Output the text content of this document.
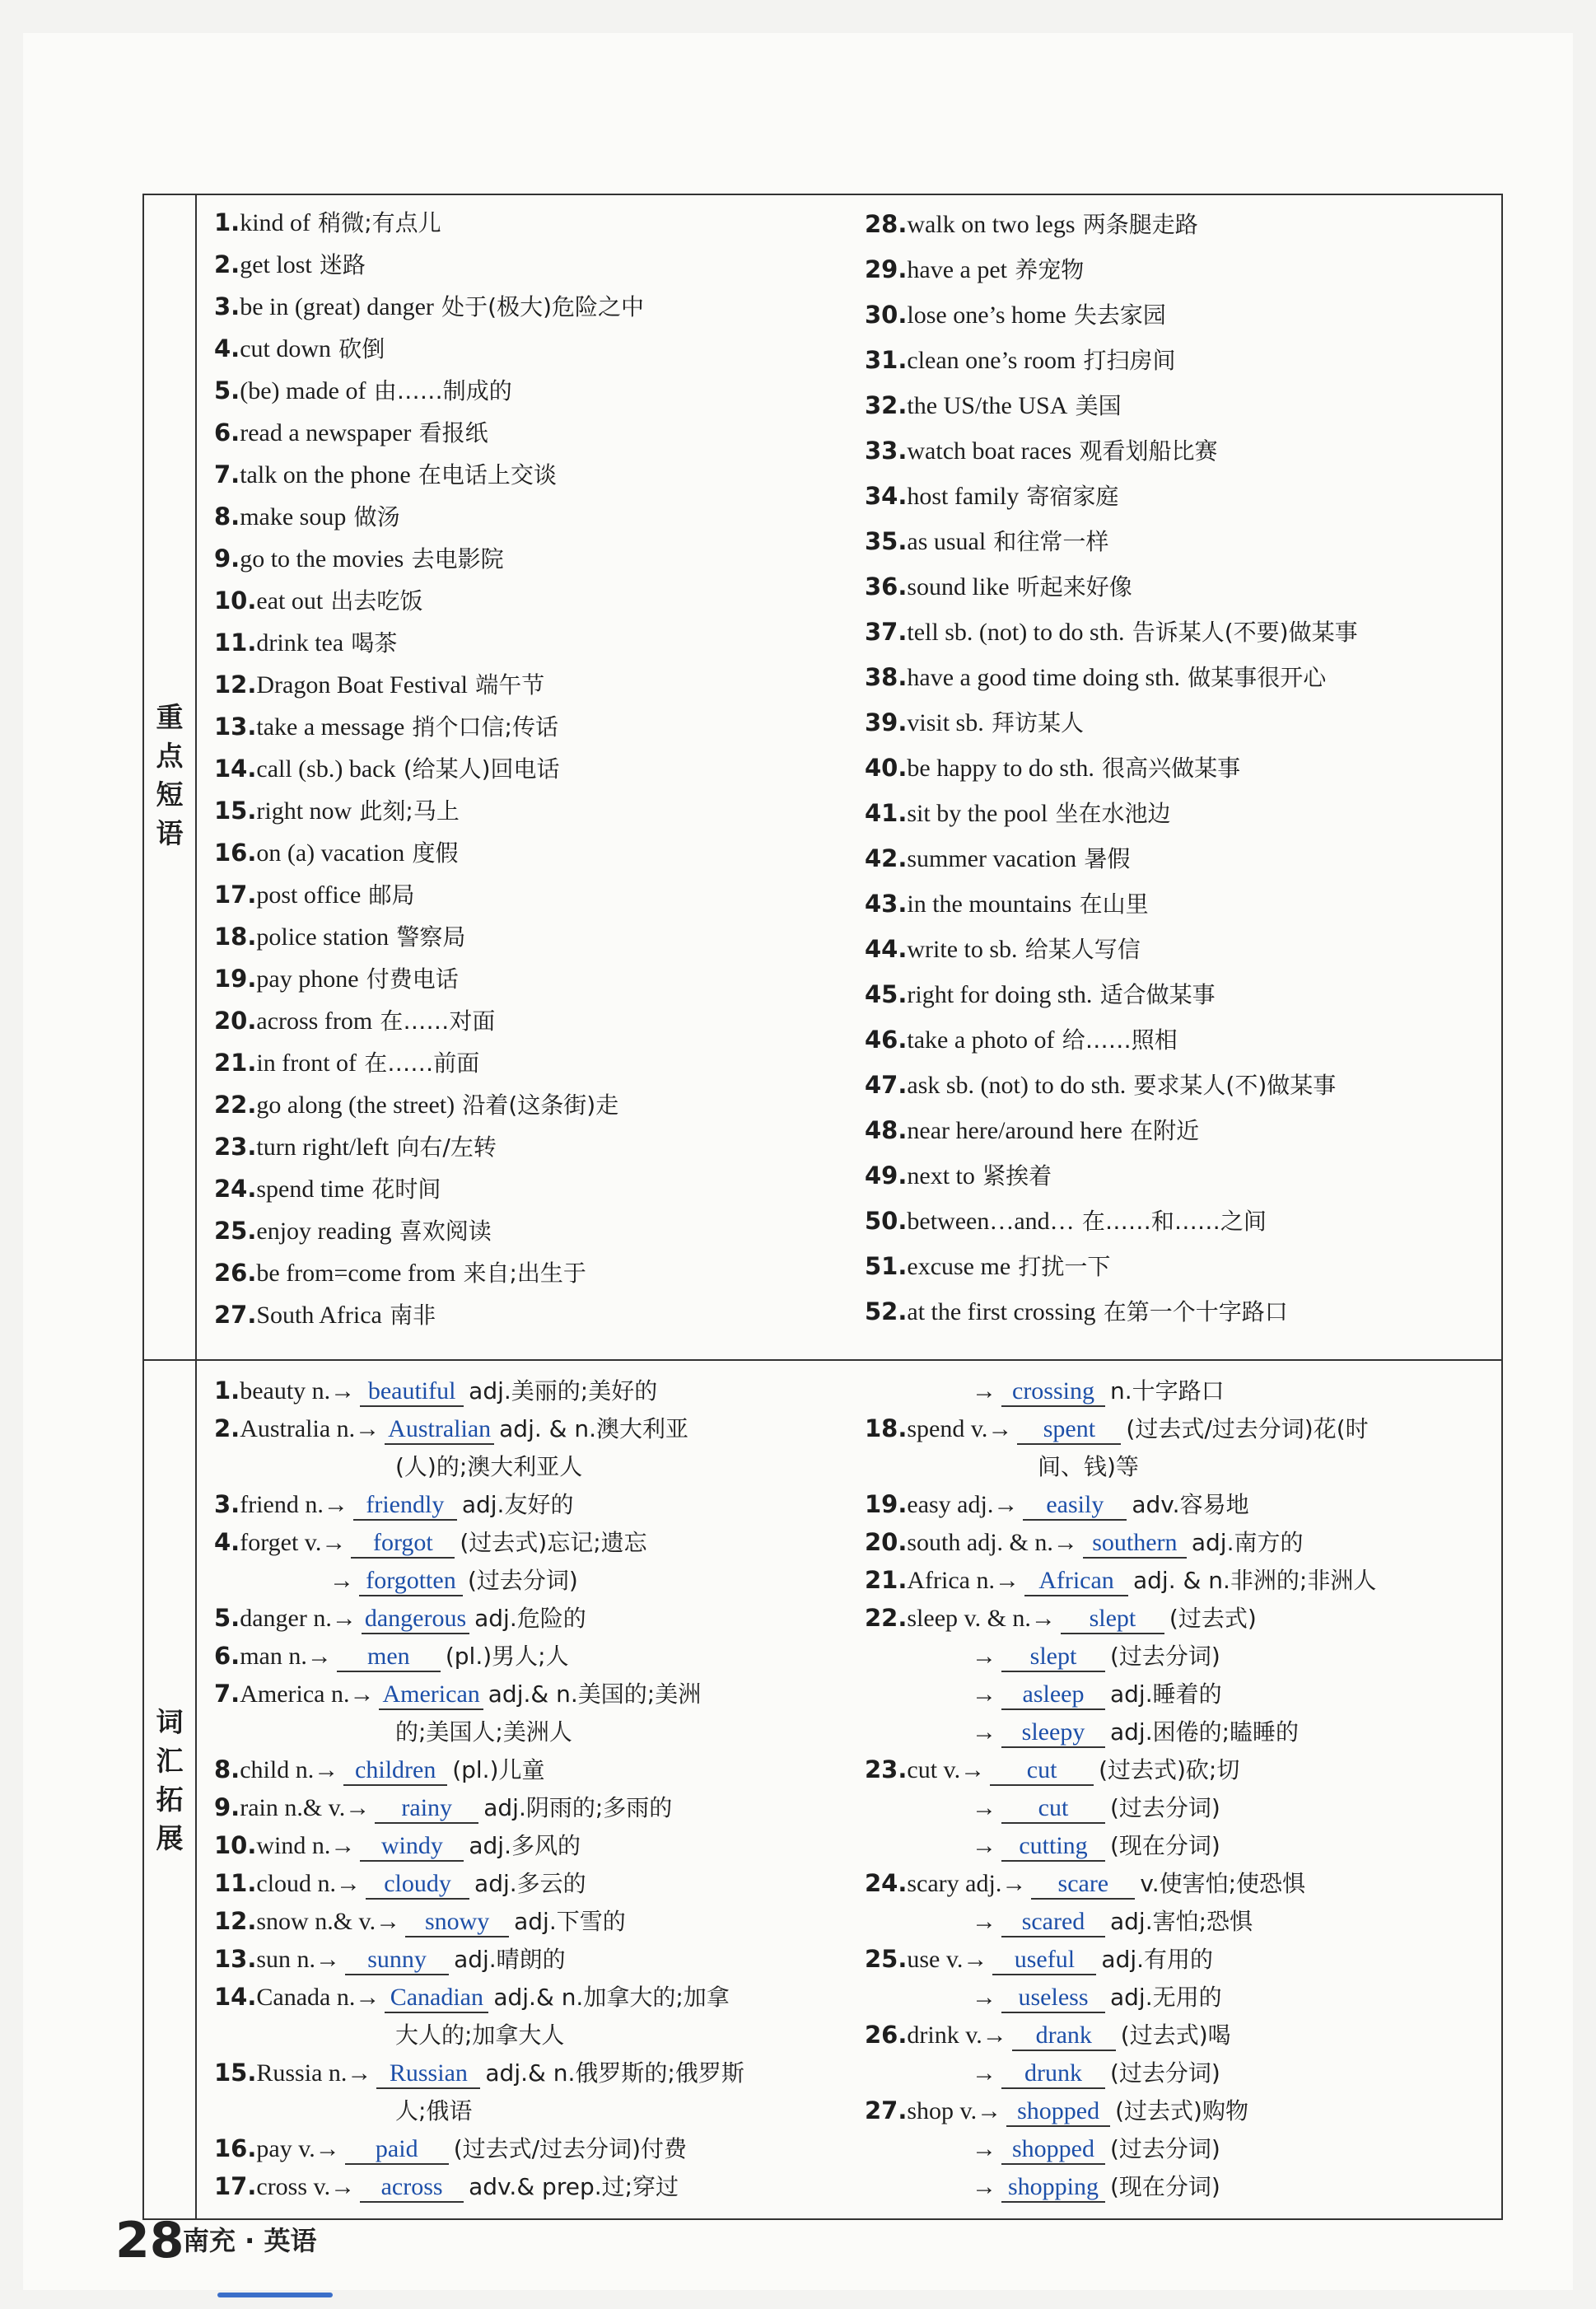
重
点
短
语
词
汇
拓
展
1.kind of 稍微;有点儿
2.get lost 迷路
3.be in (great) danger 处于(极大)危险之中
4.cut down 砍倒
5.(be) made of 由……制成的
6.read a newspaper 看报纸
7.talk on the phone 在电话上交谈
8.make soup 做汤
9.go to the movies 去电影院
10.eat out 出去吃饭
11.drink tea 喝茶
12.Dragon Boat Festival 端午节
13.take a message 捎个口信;传话
14.call (sb.) back (给某人)回电话
15.right now 此刻;马上
16.on (a) vacation 度假
17.post office 邮局
18.police station 警察局
19.pay phone 付费电话
20.across from 在……对面
21.in front of 在……前面
22.go along (the street) 沿着(这条街)走
23.turn right/left 向右/左转
24.spend time 花时间
25.enjoy reading 喜欢阅读
26.be from=come from 来自;出生于
27.South Africa 南非
28.walk on two legs 两条腿走路
29.have a pet 养宠物
30.lose one’s home 失去家园
31.clean one’s room 打扫房间
32.the US/the USA 美国
33.watch boat races 观看划船比赛
34.host family 寄宿家庭
35.as usual 和往常一样
36.sound like 听起来好像
37.tell sb. (not) to do sth. 告诉某人(不要)做某事
38.have a good time doing sth. 做某事很开心
39.visit sb. 拜访某人
40.be happy to do sth. 很高兴做某事
41.sit by the pool 坐在水池边
42.summer vacation 暑假
43.in the mountains 在山里
44.write to sb. 给某人写信
45.right for doing sth. 适合做某事
46.take a photo of 给……照相
47.ask sb. (not) to do sth. 要求某人(不)做某事
48.near here/around here 在附近
49.next to 紧挨着
50.between…and… 在……和……之间
51.excuse me 打扰一下
52.at the first crossing 在第一个十字路口
1.beauty n.→ beautiful adj.美丽的;美好的
2.Australia n.→ Australian adj. & n.澳大利亚
(人)的;澳大利亚人
3.friend n.→ friendly adj.友好的
4.forget v.→ forgot (过去式)忘记;遗忘
→ forgotten (过去分词)
5.danger n.→ dangerous adj.危险的
6.man n.→ men (pl.)男人;人
7.America n.→ American adj.& n.美国的;美洲
的;美国人;美洲人
8.child n.→ children (pl.)儿童
9.rain n.& v.→ rainy adj.阴雨的;多雨的
10.wind n.→ windy adj.多风的
11.cloud n.→ cloudy adj.多云的
12.snow n.& v.→ snowy adj.下雪的
13.sun n.→ sunny adj.晴朗的
14.Canada n.→ Canadian adj.& n.加拿大的;加拿
大人的;加拿大人
15.Russia n.→ Russian adj.& n.俄罗斯的;俄罗斯
人;俄语
16.pay v.→ paid (过去式/过去分词)付费
17.cross v.→ across adv.& prep.过;穿过
→ crossing n.十字路口
18.spend v.→ spent (过去式/过去分词)花(时
间、钱)等
19.easy adj.→ easily adv.容易地
20.south adj. & n.→ southern adj.南方的
21.Africa n.→ African adj. & n.非洲的;非洲人
22.sleep v. & n.→ slept (过去式)
→ slept (过去分词)
→ asleep adj.睡着的
→ sleepy adj.困倦的;瞌睡的
23.cut v.→ cut (过去式)砍;切
→ cut (过去分词)
→ cutting (现在分词)
24.scary adj.→ scare v.使害怕;使恐惧
→ scared adj.害怕;恐惧
25.use v.→ useful adj.有用的
→ useless adj.无用的
26.drink v.→ drank (过去式)喝
→ drunk (过去分词)
27.shop v.→ shopped (过去式)购物
→ shopped (过去分词)
→ shopping (现在分词)
28
南充 · 英语
